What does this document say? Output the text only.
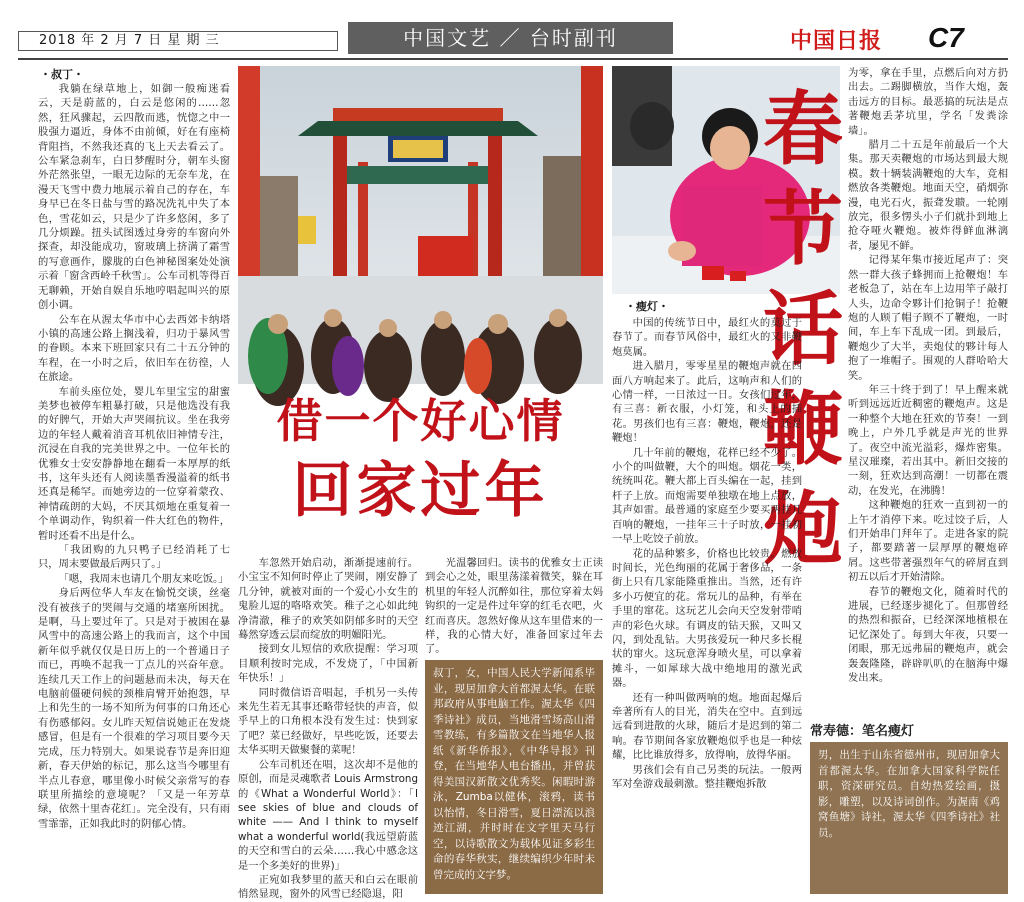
2018 年 2 月 7 日 星 期 三	中国文艺 ／ 台时副刊	中国日报 C7
・叔丁・

我躺在绿草地上，如御一般痴迷看云，天是蔚蓝的，白云是悠闲的……忽然，狂风骤起，云四散而逃，恍惚之中一股强力逼近，身体不由前倾，好在有座椅背阻挡，不然我还真的飞上天去看云了。公车紧急刹车，白日梦醒时分，朝车头窗外茫然张望，一眼无边际的无奈车龙，在漫天飞雪中费力地展示着自己的存在，车身早已在冬日盐与雪的路况洗礼中失了本色，雪花如云，只是少了许多悠闲，多了几分烦躁。扭头试图透过身旁的车窗向外探查，却没能成功，窗玻璃上挤满了霜雪的写意画作，朦胧的白色神秘图案处处演示着「窗含西岭千秋雪」。公车司机等得百无聊赖，开始自娱自乐地哼唱起叫兴的原创小调。

公车在从渥太华市中心去西郊卡纳塔小镇的高速公路上搁浅着，归功于暴风雪的眷顾。本来下班回家只有二十五分钟的车程，在一小时之后，依旧车在彷徨，人在旅途。

车前头座位处，婴儿车里宝宝的甜蜜美梦也被停车粗暴打破，只是他选没有我的好脾气，开始大声哭闹抗议。坐在我旁边的年轻人戴着消音耳机依旧神情专注，沉浸在自我的完美世界之中。一位年长的优雅女士安安静静地在翻看一本厚厚的纸书，这年头还有人阅读墨香漫溢着的纸书还真是稀罕。而她旁边的一位穿着蒙孜、神情疏朗的大妈，不厌其烦地在重复着一个单调动作，钩织着一件大红色的物件，暂时还看不出是什么。

「我团购的九只鸭子已经消耗了七只，周末要做最后两只了。」

「嗯，我周末也请几个朋友来吃饭。」

身后两位华人车友在愉悦交谈，丝毫没有被孩子的哭闹与交通的堵塞所困扰。是啊，马上要过年了。只是对于被困在暴风雪中的高速公路上的我而言，这个中国新年似乎就仅仅是日历上的一个普通日子而已，再唤不起我一丁点儿的兴奋年意。连续几天工作上的问题悬而未决，每天在电脑前僵硬伺候的颈椎肩臂开始抱怨，早上和先生的一场不知所为何事的口角还心有伤感郁闷。女儿昨天短信说她正在发烧感冒，但是有一个很难的学习项目要今天完成，压力特别大。如果说春节是奔旧迎新，春天伊始的标记，那么这当今哪里有半点儿春意，哪里像小时候父亲常写的春联里所描绘的意境呢？「又是一年芳草绿，依然十里杏花红」。完全没有，只有雨雪霏霏，正如我此时的阴郁心情。

借一个好心情
回家过年

车忽然开始启动，渐渐提速前行。小宝宝不知何时停止了哭闹，刚安静了几分钟，就被对面的一个爱心小女生的鬼脸儿逗的咯咯欢笑。稚子之心如此纯净清澈，稚子的欢笑如阴郁多时的天空蓦然穿透云层而绽放的明媚阳光。

接到女儿短信的欢欣提醒：学习项目顺利按时完成，不发烧了，「中国新年快乐！」

同时微信语音唱起，手机另一头传来先生若无其事还略带轻快的声音，似乎早上的口角根本没有发生过：快到家了吧？菜已经做好，早些吃饭，还要去太华买明天做聚餐的菜呢！

公车司机还在唱，这次却不是他的原创，而是灵魂歌者 Louis Armstrong 的《What a Wonderful World》：「I see skies of blue and clouds of white —— And I think to myself what a wonderful world(我远望蔚蓝的天空和雪白的云朵……我心中感念这是一个多美好的世界)」

正宛如我梦里的蓝天和白云在眼前悄然显现，窗外的风雪已经隐退，阳

光温馨回归。读书的优雅女士正读到会心之处，眼里荡漾着微笑，躲在耳机里的年轻人沉醉如往，那位穿着太妈钩织的一定是件过年穿的红毛衣吧，火红而喜庆。忽然好像从这车里借来的一样，我的心情大好，准备回家过年去了。

叔丁，女，中国人民大学新闻系毕业，现居加拿大首都渥太华。在联邦政府从事电脑工作。渥太华《四季诗社》成员，当地滑雪场高山滑雪教练，有多篇散文在当地华人报纸《新华侨报》，《中华导报》刊登，在当地华人电台播出，并曾获得美国汉新散文优秀奖。闲暇时游泳，Zumba以健体，滚鸦，读书以怡情，冬日滑雪，夏日漂流以浪迹江湖，并时时在文字里天马行空，以诗歌散文为载体见证多彩生命的春华秋实，继续编织少年时未曾完成的文字梦。
春
节
话
鞭
炮
・瘦灯・

中国的传统节日中，最红火的莫过于春节了。而春节风俗中，最红火的又非鞭炮莫属。

进入腊月，零零星星的鞭炮声就在四面八方响起来了。此后，这响声和人们的心情一样，一日浓过一日。女孩们过年，有三喜：新衣服，小灯笼，和头上的插花。男孩们也有三喜：鞭炮，鞭炮，还是鞭炮！

几十年前的鞭炮，花样已经不少了。小个的叫做鞭，大个的叫炮。烟花一类，统统叫花。鞭大都上百头编在一起，挂到杆子上放。而炮需要单独墩在地上点放，其声如雷。最普通的家庭至少要买两挂几百响的鞭炮，一挂年三十子时放，一挂初一早上吃饺子前放。

花的品种繁多，价格也比较贵。燃放时间长，光色绚丽的花属于奢侈品，一条街上只有几家能隆重推出。当然，还有许多小巧便宜的花。常玩儿的品种，有举在手里的窜花。这玩艺儿会向天空发射带哨声的彩色火球。有调皮的钻天猴，又叫又闪，到处乱钻。大男孩爱玩一种尺多长棍状的窜火。这玩意浑身喷火星，可以拿着摊斗，一如犀球大战中绝地用的激光武器。

还有一种叫做两响的炮。地面起爆后牵著所有人的目光，消失在空中。直到远远看到进散的火球，随后才是迟到的第二响。春节期间各家放鞭炮似乎也是一种炫耀，比比谁放得多，放得响，放得华丽。

男孩们会有自己另类的玩法。一般两军对垒游戏最刺激。整挂鞭炮拆散

为零，拿在手里，点燃后向对方扔出去。二踢脚横放，当作大炮，轰击远方的目标。最恶搞的玩法是点著鞭炮丢茅坑里，学名「发粪涂墙」。

腊月二十五是年前最后一个大集。那天卖鞭炮的市场达到最大规模。数十辆装满鞭炮的大车，竞相燃放各类鞭炮。地面天空，硝烟弥漫，电光石火，振聋发聩。一轮刚放完，很多愣头小子们就扑到地上抢夺哑火鞭炮。被炸得鲜血淋漓者，屡见不鲜。

记得某年集市接近尾声了：突然一群大孩子蜂拥而上抢鞭炮！车老板急了，站在车上边用竿子敲打人头，边命令夥计们抢铜子！抢鞭炮的人顾了帽子顾不了鞭炮，一时间，车上车下乱成一团。到最后，鞭炮少了大半，卖炮仗的夥计每人抱了一堆帽子。围观的人群哈哈大笑。

年三十终于到了！早上醒来就听到远远近近稠密的鞭炮声。这是一种整个大地在狂欢的节奏！一到晚上，户外几乎就是声光的世界了。夜空中流光溢彩，爆炸密集。星汉璀璨，若出其中。新旧交接的一刻，狂欢达到高潮！一切都在震动，在发光，在沸腾！

这种鞭炮的狂欢一直到初一的上午才消停下来。吃过饺子后，人们开始串门拜年了。走进各家的院子，都要踏著一层厚厚的鞭炮碎屑。这些带著强烈年气的碎屑直到初五以后才开始清除。

春节的鞭炮文化，随着时代的进展，已经逐步褪化了。但那曾经的热烈和振奋，已经深深地植根在记忆深处了。每到大年夜，只要一闭眼，那无远弗届的鞭炮声，就会轰轰隆隆，辟辟叭叭的在脑海中爆发出来。

常寿德：笔名瘦灯
男，出生于山东省德州市，现居加拿大首都渥太华。在加拿大国家科学院任职，资深研究员。自幼热爱绘画，摄影，雕塑，以及诗词创作。为渥南《鸡窝鱼塘》诗社，渥太华《四季诗社》社员。
